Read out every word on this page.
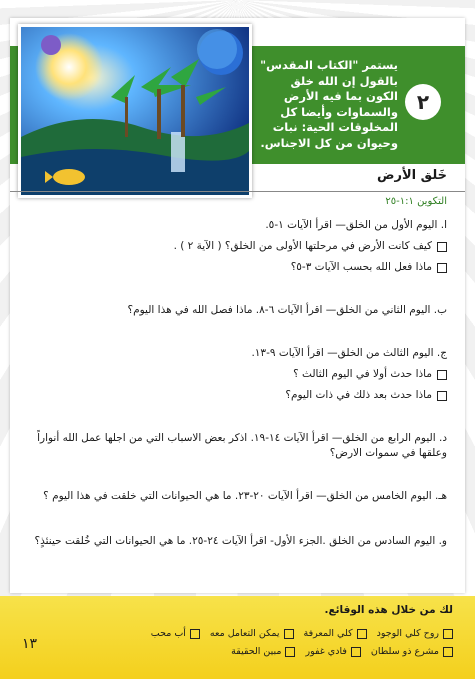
يستمر "الكتاب المقدس" بالقول إن الله خلق الكون بما فيه الأرض والسماوات وأيضا كل المخلوقات الحية: نبات وحيوان من كل الاجناس.
٢
خَلق الأرض
التكوين ١:١-٢٥

ا. اليوم الأول من الخلق— اقرأ الآيات ١-٥.

كيف كانت الأرض في مرحلتها الأولى من الخلق؟ ( الآية ٢ ) .

ماذا فعل الله بحسب الآيات ٣-٥؟

ب. اليوم الثاني من الخلق— اقرأ الآيات ٦-٨. ماذا فصل الله في هذا اليوم؟

ج. اليوم الثالث من الخلق— اقرأ الآيات ٩-١٣.

ماذا حدث أولا في اليوم الثالث ؟

ماذا حدث بعد ذلك في ذات اليوم؟

د. اليوم الرابع من الخلق— اقرأ الآيات ١٤-١٩. اذكر بعض الاسباب التي من اجلها عمل الله أنواراً وعلقها في سموات الارض؟

هـ. اليوم الخامس من الخلق— اقرأ الآيات ٢٠-٢٣. ما هي الحيوانات التي خلقت في هذا اليوم ؟

و. اليوم السادس من الخلق .الجزء الأول- اقرأ الآيات ٢٤-٢٥. ما هي الحيوانات التي خُلقت حينئذٍ؟

لك من خلال هذه الوقائع.
روح كلي الوجود
كلي المعرفة
يمكن التعامل معه
أب محب
مشرع ذو سلطان
فادي غفور
مبين الحقيقة
١٣
